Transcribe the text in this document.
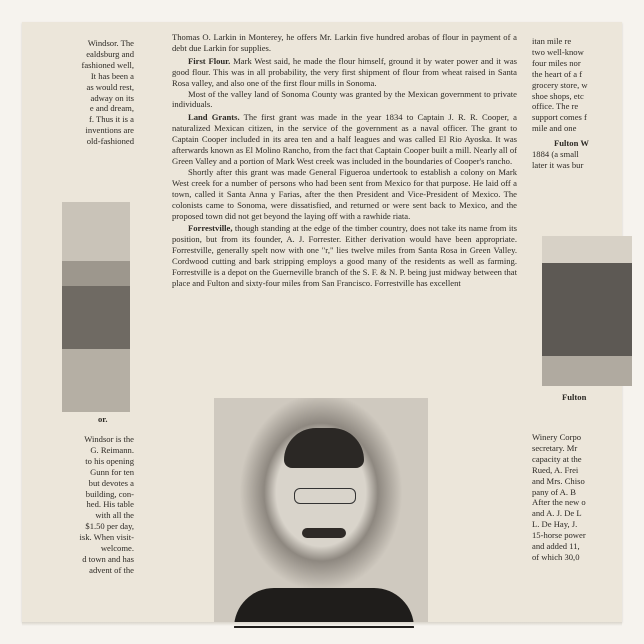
Windsor. The
ealdsburg and
fashioned well,
It has been a
as would rest,
adway on its
e and dream,
f. Thus it is a
inventions are
old-fashioned
or.
Windsor is the
G. Reimann.
to his opening
Gunn for ten
but devotes a
building, con-
hed. His table
with all the
$1.50 per day,
isk. When visit-
welcome.
d town and has
advent of the

Thomas O. Larkin in Monterey, he offers Mr. Larkin five hundred arobas of flour in payment of a debt due Larkin for supplies.

First Flour. Mark West said, he made the flour himself, ground it by water power and it was good flour. This was in all probability, the very first shipment of flour from wheat raised in Santa Rosa valley, and also one of the first flour mills in Sonoma.

Most of the valley land of Sonoma County was granted by the Mexican government to private individuals.

Land Grants. The first grant was made in the year 1834 to Captain J. R. R. Cooper, a naturalized Mexican citizen, in the service of the government as a naval officer. The grant to Captain Cooper included in its area ten and a half leagues and was called El Rio Ayoska. It was afterwards known as El Molino Rancho, from the fact that Captain Cooper built a mill. Nearly all of Green Valley and a portion of Mark West creek was included in the boundaries of Cooper's rancho.

Shortly after this grant was made General Figueroa undertook to establish a colony on Mark West creek for a number of persons who had been sent from Mexico for that purpose. He laid off a town, called it Santa Anna y Farias, after the then President and Vice-President of Mexico. The colonists came to Sonoma, were dissatisfied, and returned or were sent back to Mexico, and the proposed town did not get beyond the laying off with a rawhide riata.

Forrestville, though standing at the edge of the timber country, does not take its name from its position, but from its founder, A. J. Forrester. Either derivation would have been appropriate. Forrestville, generally spelt now with one "r," lies twelve miles from Santa Rosa in Green Valley. Cordwood cutting and bark stripping employs a good many of the residents as well as farming. Forrestville is a depot on the Guerneville branch of the S. F. & N. P. being just midway between that place and Fulton and sixty-four miles from San Francisco. Forrestville has excellent

itan mile re
two well-know
four miles nor
the heart of a f
grocery store, w
shoe shops, etc
office. The re
support comes f
mile and one
Fulton W
1884 (a small
later it was bur
Fulton
Winery Corpo
secretary. Mr
capacity at the
Rued, A. Frei
and Mrs. Chiso
pany of A. B
After the new o
and A. J. De L
L. De Hay, J.
15-horse power
and added 11,
of which 30,0
